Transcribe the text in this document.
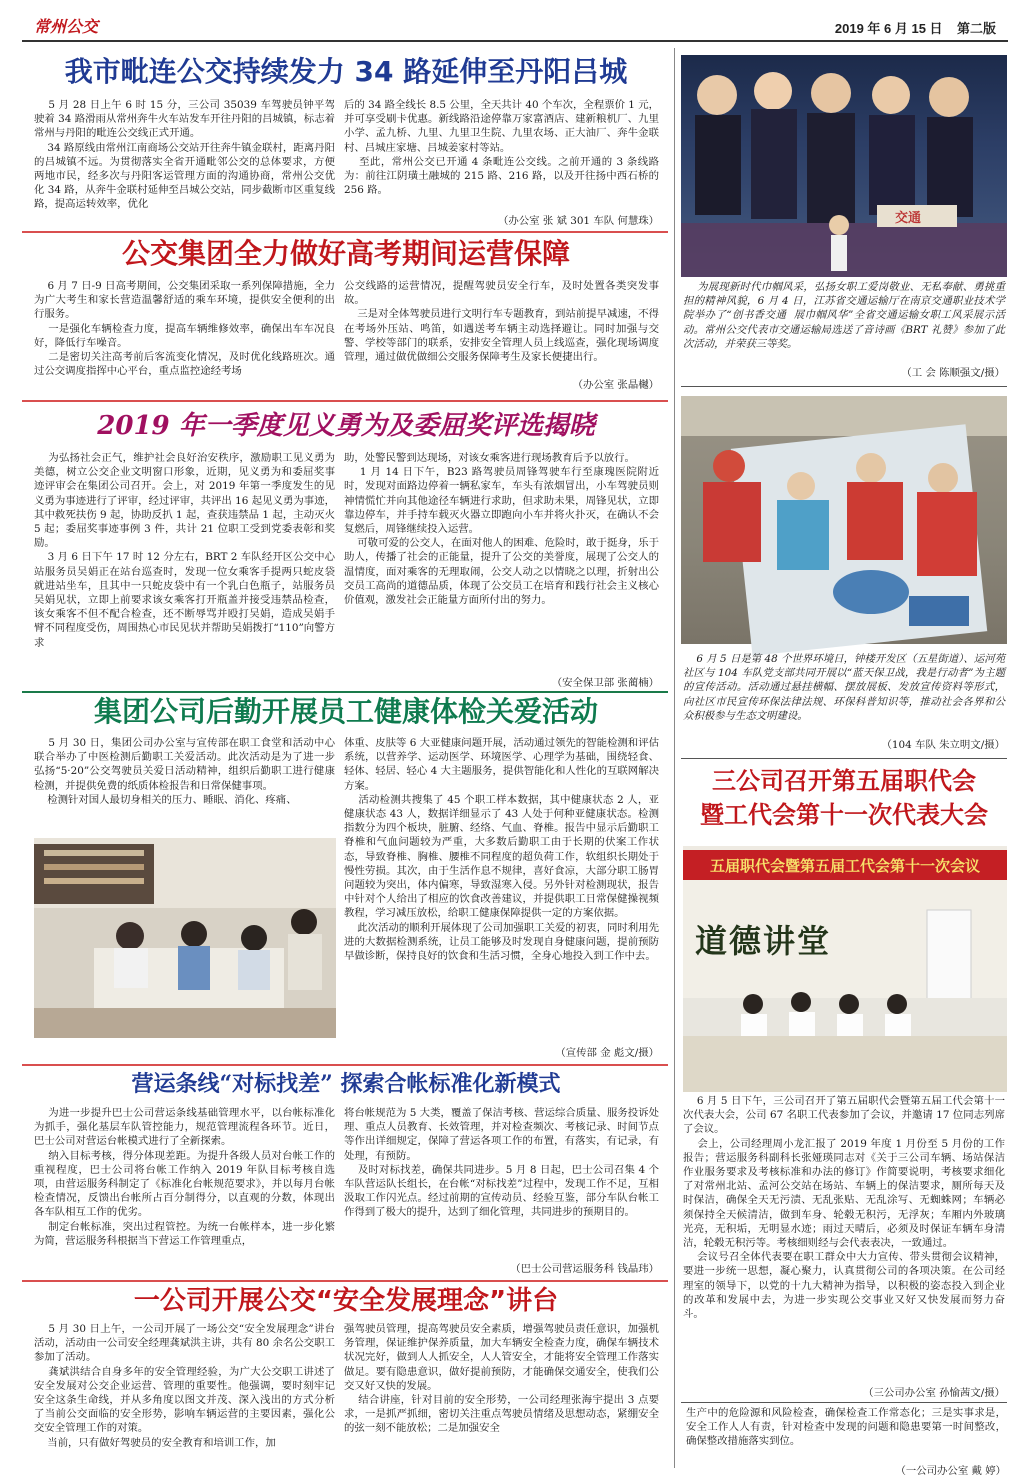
常州公交	2019 年 6 月 15 日    第二版
我市毗连公交持续发力 34 路延伸至丹阳吕城
5 月 28 日上午 6 时 15 分，三公司 35039 车驾驶员钟平驾驶着 34 路滑雨从常州奔牛火车站发车开往丹阳的吕城镇，标志着常州与丹阳的毗连公交线正式开通。
34 路原线由常州江南商场公交站开往奔牛镇金联村，距离丹阳的吕城镇不远。为贯彻落实全省开通毗邻公交的总体要求，方便两地市民，经多次与丹阳客运管理方面的沟通协商，常州公交优化 34 路，从奔牛金联村延伸至吕城公交站，同步截断市区重复线路，提高运转效率，优化
后的 34 路全线长 8.5 公里，全天共计 40 个车次，全程票价 1 元，并可享受刷卡优惠。新线路沿途停靠万家富酒店、建新粮机厂、九里小学、孟九桥、九里、九里卫生院、九里农场、正大油厂、奔牛金联村、吕城庄家塘、吕城姜家村等站。
至此，常州公交已开通 4 条毗连公交线。之前开通的 3 条线路为：前往江阴璜土融城的 215 路、216 路，以及开往扬中西石桥的 256 路。
（办公室 张 斌 301 车队 何慧珠）
公交集团全力做好高考期间运营保障
6 月 7 日-9 日高考期间，公交集团采取一系列保障措施，全力为广大考生和家长营造温馨舒适的乘车环境，提供安全便利的出行服务。
一是强化车辆检查力度，提高车辆维修效率，确保出车车况良好，降低行车噪音。
二是密切关注高考前后客流变化情况，及时优化线路班次。通过公交调度指挥中心平台，重点监控途经考场
公交线路的运营情况，提醒驾驶员安全行车，及时处置各类突发事故。
三是对全体驾驶员进行文明行车专题教育，到站前提早减速，不得在考场外压站、鸣笛，如遇送考车辆主动选择避让。同时加强与交警、学校等部门的联系，安排安全管理人员上线巡查，强化现场调度管理，通过做优做细公交服务保障考生及家长便捷出行。
（办公室 张晶樾）
交通
为展现新时代巾帼风采，弘扬女职工爱岗敬业、无私奉献、勇挑重担的精神风貌，6 月 4 日，江苏省交通运输厅在南京交通职业技术学院举办了“创书香交通  展巾帼风华”全省交通运输女职工风采展示活动。常州公交代表市交通运输局选送了音诗画《BRT 礼赞》参加了此次活动，并荣获三等奖。
（工 会 陈顺强文/摄）
2019 年一季度见义勇为及委屈奖评选揭晓
为弘扬社会正气，维护社会良好治安秩序，激励职工见义勇为美德，树立公交企业文明窗口形象，近期，见义勇为和委屈奖事迹评审会在集团公司召开。会上，对 2019 年第一季度发生的见义勇为事迹进行了评审，经过评审，共评出 16 起见义勇为事迹，其中救死扶伤 9 起，协助反扒 1 起，查获违禁品 1 起，主动灭火 5 起；委屈奖事迹事例 3 件，共计 21 位职工受到党委表彰和奖励。
3 月 6 日下午 17 时 12 分左右，BRT 2 车队经开区公交中心站服务员吴娟正在站台巡查时，发现一位女乘客手提两只蛇皮袋就进站坐车，且其中一只蛇皮袋中有一个乳白色瓶子，站服务员吴娟见状，立即上前要求该女乘客打开瓶盖并接受违禁品检查，该女乘客不但不配合检查，还不断辱骂并殴打吴娟，造成吴娟手臂不同程度受伤，周围热心市民见状并帮助吴娟拨打“110”向警方求
助，处警民警到达现场，对该女乘客进行现场教育后予以放行。
1 月 14 日下午，B23 路驾驶员周锋驾驶车行至康瑰医院附近时，发现对面路边停着一辆私家车，车头有浓烟冒出，小车驾驶员则神情慌忙并向其他途径车辆进行求助，但求助未果，周锋见状，立即靠边停车，并手持车载灭火器立即跑向小车并将火扑灭，在确认不会复燃后，周锋继续投入运营。
可敬可爱的公交人，在面对他人的困难、危险时，敢于挺身，乐于助人，传播了社会的正能量，提升了公交的美誉度，展现了公交人的温情度，面对乘客的无理取闹，公交人动之以情晓之以理，折射出公交员工高尚的道德品质，体现了公交员工在培育和践行社会主义核心价值观，激发社会正能量方面所付出的努力。
（安全保卫部 张蔺楠）
6 月 5 日是第 48 个世界环境日，钟楼开发区（五星街道）、运河苑社区与 104 车队党支部共同开展以“蓝天保卫战，我是行动者”为主题的宣传活动。活动通过悬挂横幅、摆放展板、发放宣传资料等形式，向社区市民宣传环保法律法规、环保科普知识等，推动社会各界和公众积极参与生态文明建设。
（104 车队 朱立明文/摄）
集团公司后勤开展员工健康体检关爱活动
5 月 30 日，集团公司办公室与宣传部在职工食堂和活动中心联合举办了中医检测后勤职工关爱活动。此次活动是为了进一步弘扬“5·20”公交驾驶员关爱日活动精神，组织后勤职工进行健康检测，并提供免费的纸质体检报告和日常保健事项。
检测针对国人最切身相关的压力、睡眠、消化、疼痛、
体重、皮肤等 6 大亚健康问题开展，活动通过领先的智能检测和评估系统，以营养学、运动医学、环境医学、心理学为基础，围绕轻食、轻体、轻居、轻心 4 大主题服务，提供智能化和人性化的互联网解决方案。
活动检测共搜集了 45 个职工样本数据，其中健康状态 2 人，亚健康状态 43 人，数据详细显示了 43 人处于何种亚健康状态。检测指数分为四个板块，脏腑、经络、气血、脊椎。报告中显示后勤职工脊椎和气血问题较为严重，大多数后勤职工由于长期的伏案工作状态，导致脊椎、胸椎、腰椎不同程度的超负荷工作，软组织长期处于慢性劳损。其次，由于生活作息不规律，喜好食凉，大部分职工肠胃问题较为突出，体内偏寒，导致湿寒入侵。另外针对检测现状，报告中针对个人给出了相应的饮食改善建议，并提供职工日常保健操视频教程，学习减压放松，给职工健康保障提供一定的方案依据。
此次活动的顺利开展体现了公司加强职工关爱的初衷，同时利用先进的大数据检测系统，让员工能够及时发现自身健康问题，提前预防早做诊断，保持良好的饮食和生活习惯，全身心地投入到工作中去。
（宣传部 金 彪文/摄）
三公司召开第五届职代会
暨工代会第十一次代表大会
五届职代会暨第五届工代会第十一次会议
道德讲堂
6 月 5 日下午，三公司召开了第五届职代会暨第五届工代会第十一次代表大会，公司 67 名职工代表参加了会议，并邀请 17 位同志列席了会议。
会上，公司经理周小龙汇报了 2019 年度 1 月份至 5 月份的工作报告；营运服务科副科长张娅瑛同志对《关于三公司车辆、场站保洁作业服务要求及考核标准和办法的修订》作简要说明，考核要求细化了对常州北站、孟河公交站在场站、车辆上的保洁要求，厕所每天及时保洁，确保全天无污渍、无乱张贴、无乱涂写、无蜘蛛网；车辆必须保持全天候清洁，做到车身、轮毂无积污，无浮灰；车厢内外玻璃光亮，无积垢，无明显水迹；雨过天晴后，必须及时保证车辆车身清洁，轮毂无积污等。考核细则经与会代表表决，一致通过。
会议号召全体代表要在职工群众中大力宣传、带头贯彻会议精神，要进一步统一思想，凝心聚力，认真贯彻公司的各项决策。在公司经理室的领导下，以党的十九大精神为指导，以积极的姿态投入到企业的改革和发展中去，为进一步实现公交事业又好又快发展而努力奋斗。
（三公司办公室 孙愉茜文/摄）
营运条线“对标找差” 探索合帐标准化新模式
为进一步提升巴士公司营运条线基础管理水平，以台帐标准化为抓手，强化基层车队管控能力，规范管理流程各环节。近日，巴士公司对营运台帐模式进行了全新探索。
纳入目标考核，得分体现差距。为提升各级人员对台帐工作的重视程度，巴士公司将台帐工作纳入 2019 年队目标考核自选项，由营运服务科制定了《标准化台帐规范要求》，并以每月台帐检查情况，反馈出台帐所占百分制得分，以直观的分数，体现出各车队相互工作的优劣。
制定台帐标准，突出过程管控。为统一台帐样本，进一步化繁为简，营运服务科根据当下营运工作管理重点，
将台帐规范为 5 大类，覆盖了保洁考核、营运综合质量、服务投诉处理、重点人员教育、长效管理，并对检查频次、考核记录、时间节点等作出详细规定，保障了营运各项工作的布置，有落实，有记录，有处理，有预防。
及时对标找差，确保共同进步。5 月 8 日起，巴士公司召集 4 个车队营运队长组长，在台帐“对标找差”过程中，发现工作不足，互相汲取工作闪光点。经过前期的宣传动员、经验互鉴，部分车队台帐工作得到了极大的提升，达到了细化管理，共同进步的预期目的。
（巴士公司营运服务科 钱晶玮）
一公司开展公交“安全发展理念”讲台
5 月 30 日上午，一公司开展了一场公交“安全发展理念”讲台活动，活动由一公司安全经理龚斌洪主讲，共有 80 余名公交职工参加了活动。
龚斌洪结合自身多年的安全管理经验，为广大公交职工讲述了安全发展对公交企业运营、管理的重要性。他强调，要时刻牢记安全这条生命线，并从多角度以图文并茂、深入浅出的方式分析了当前公交面临的安全形势，影响车辆运营的主要因素，强化公交安全管理工作的对策。
当前，只有做好驾驶员的安全教育和培训工作，加
强驾驶员管理，提高驾驶员安全素质，增强驾驶员责任意识，加强机务管理，保证维护保养质量，加大车辆安全检查力度，确保车辆技术状况完好，做到人人抓安全，人人管安全，才能将安全管理工作落实做足。要有隐患意识，做好提前预防，才能确保交通安全，使我们公交又好又快的发展。
结合讲座，针对目前的安全形势，一公司经理张海宇提出 3 点要求，一是抓严抓细，密切关注重点驾驶员情绪及思想动态，紧绷安全的弦一刻不能放松；二是加强安全
生产中的危险源和风险检查，确保检查工作常态化；三是实事求是，安全工作人人有责，针对检查中发现的问题和隐患要第一时间整改，确保整改措施落实到位。
（一公司办公室 戴 婷）
